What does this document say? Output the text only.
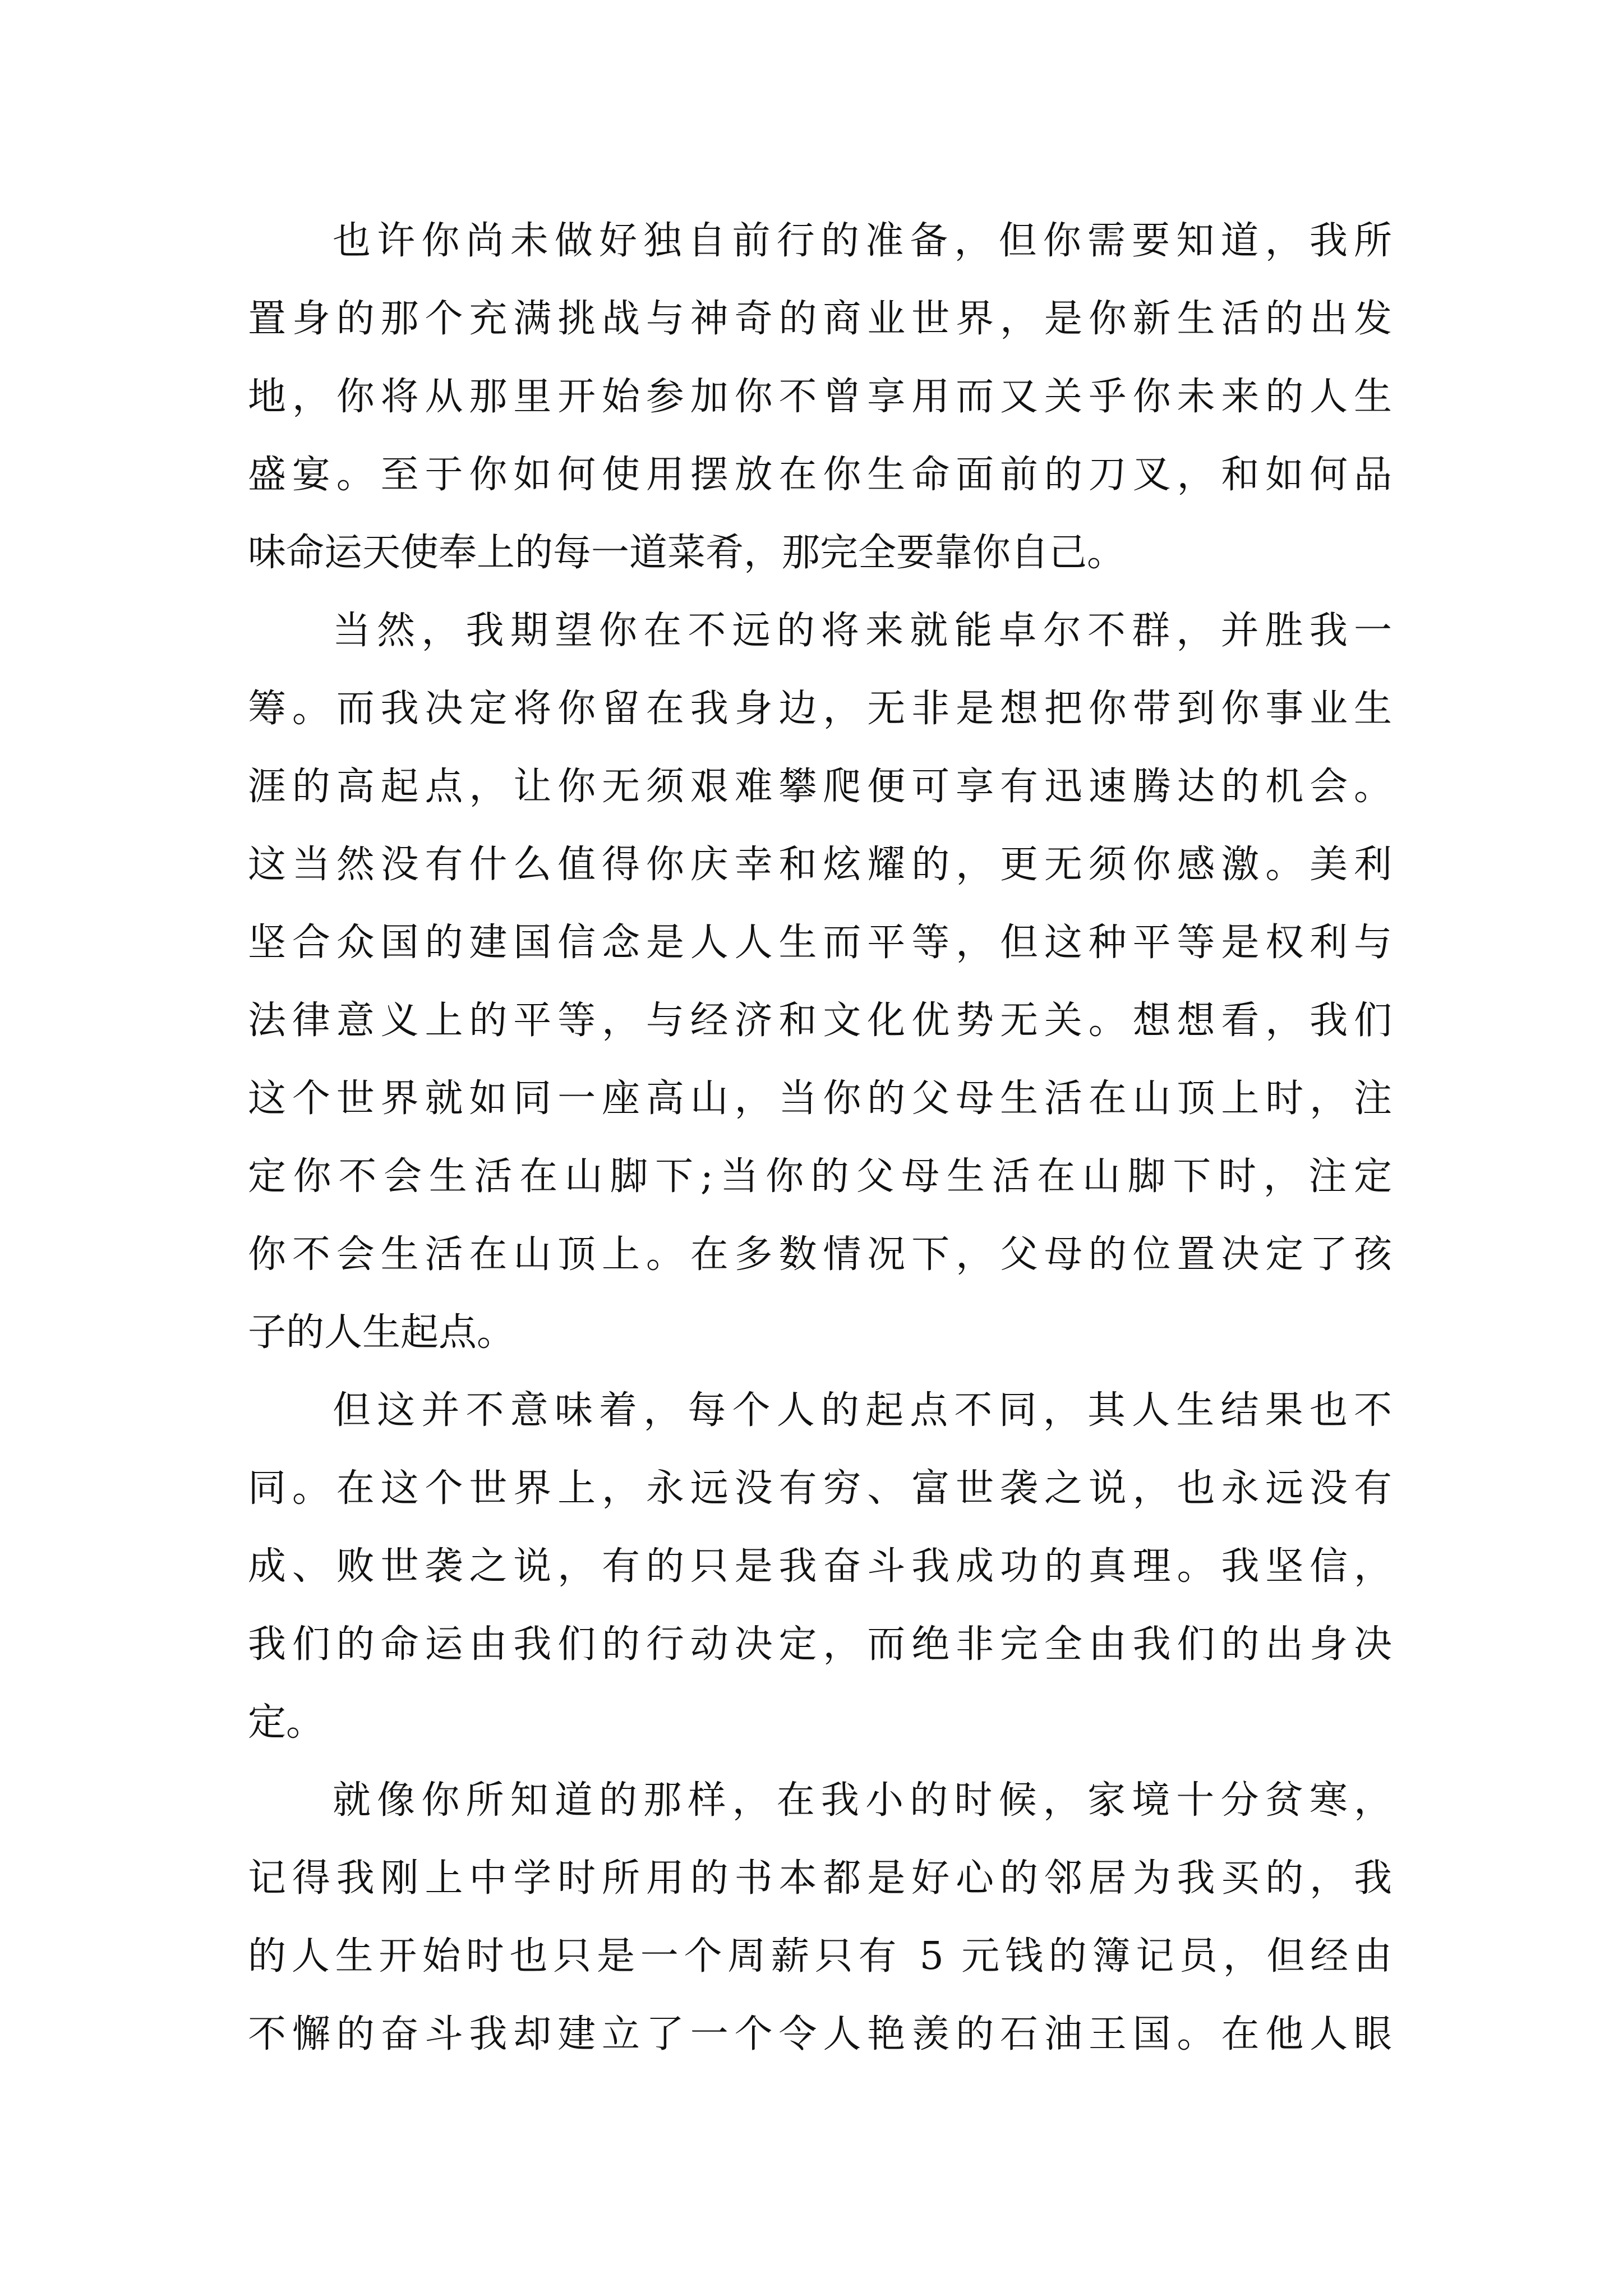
也许你尚未做好独自前行的准备，但你需要知道，我所
置身的那个充满挑战与神奇的商业世界，是你新生活的出发
地，你将从那里开始参加你不曾享用而又关乎你未来的人生
盛宴。至于你如何使用摆放在你生命面前的刀叉，和如何品
味命运天使奉上的每一道菜肴，那完全要靠你自己。
当然，我期望你在不远的将来就能卓尔不群，并胜我一
筹。而我决定将你留在我身边，无非是想把你带到你事业生
涯的高起点，让你无须艰难攀爬便可享有迅速腾达的机会。
这当然没有什么值得你庆幸和炫耀的，更无须你感激。美利
坚合众国的建国信念是人人生而平等，但这种平等是权利与
法律意义上的平等，与经济和文化优势无关。想想看，我们
这个世界就如同一座高山，当你的父母生活在山顶上时，注
定你不会生活在山脚下;当你的父母生活在山脚下时，注定
你不会生活在山顶上。在多数情况下，父母的位置决定了孩
子的人生起点。
但这并不意味着，每个人的起点不同，其人生结果也不
同。在这个世界上，永远没有穷、富世袭之说，也永远没有
成、败世袭之说，有的只是我奋斗我成功的真理。我坚信，
我们的命运由我们的行动决定，而绝非完全由我们的出身决
定。
就像你所知道的那样，在我小的时候，家境十分贫寒，
记得我刚上中学时所用的书本都是好心的邻居为我买的，我
的人生开始时也只是一个周薪只有 5 元钱的簿记员，但经由
不懈的奋斗我却建立了一个令人艳羡的石油王国。在他人眼
